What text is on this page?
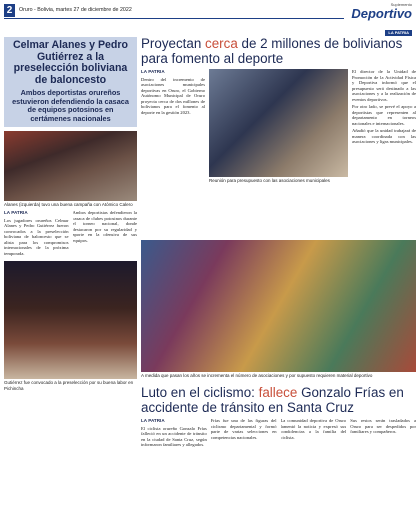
2	Oruro - Bolivia, martes 27 de diciembre de 2022
Suplemento
Deportivo
LA PATRIA
Celmar Alanes y Pedro Gutiérrez a la preselección boliviana de baloncesto
Ambos deportistas orureños estuvieron defendiendo la casaca de equipos potosinos en certámenes nacionales
Alanes (izquierda) tuvo una buena campaña con Atómico Calero

LA PATRIA

Los jugadores orureños Celmar Alanes y Pedro Gutiérrez fueron convocados a la preselección boliviana de baloncesto que se alista para los compromisos internacionales de la próxima temporada.

Ambos deportistas defendieron la casaca de clubes potosinos durante el torneo nacional, donde destacaron por su regularidad y aporte en la ofensiva de sus equipos.

Gutiérrez fue convocado a la preselección por su buena labor en Pichincha
Proyectan cerca de 2 millones de bolivianos para fomento al deporte

LA PATRIA

Dentro del incremento de asociaciones municipales deportivas en Oruro, el Gobierno Autónomo Municipal de Oruro proyecta cerca de dos millones de bolivianos para el fomento al deporte en la gestión 2023.

Reunión para presupuesto con las asociaciones municipales

El director de la Unidad de Promoción de la Actividad Física y Deportiva informó que el presupuesto será destinado a las asociaciones y a la realización de eventos deportivos.

Por otro lado, se prevé el apoyo a deportistas que representen al departamento en torneos nacionales e internacionales.

Añadió que la unidad trabajará de manera coordinada con las asociaciones y ligas municipales.

A medida que pasan los años se incrementa el número de asociaciones y por supuesto requieren material deportivo
Luto en el ciclismo: fallece Gonzalo Frías en accidente de tránsito en Santa Cruz

LA PATRIA

El ciclista orureño Gonzalo Frías falleció en un accidente de tránsito en la ciudad de Santa Cruz, según informaron familiares y allegados.

Frías fue una de las figuras del ciclismo departamental y formó parte de varias selecciones en competencias nacionales.

La comunidad deportiva de Oruro lamentó la noticia y expresó sus condolencias a la familia del ciclista.

Sus restos serán trasladados a Oruro para ser despedidos por familiares y compañeros.
